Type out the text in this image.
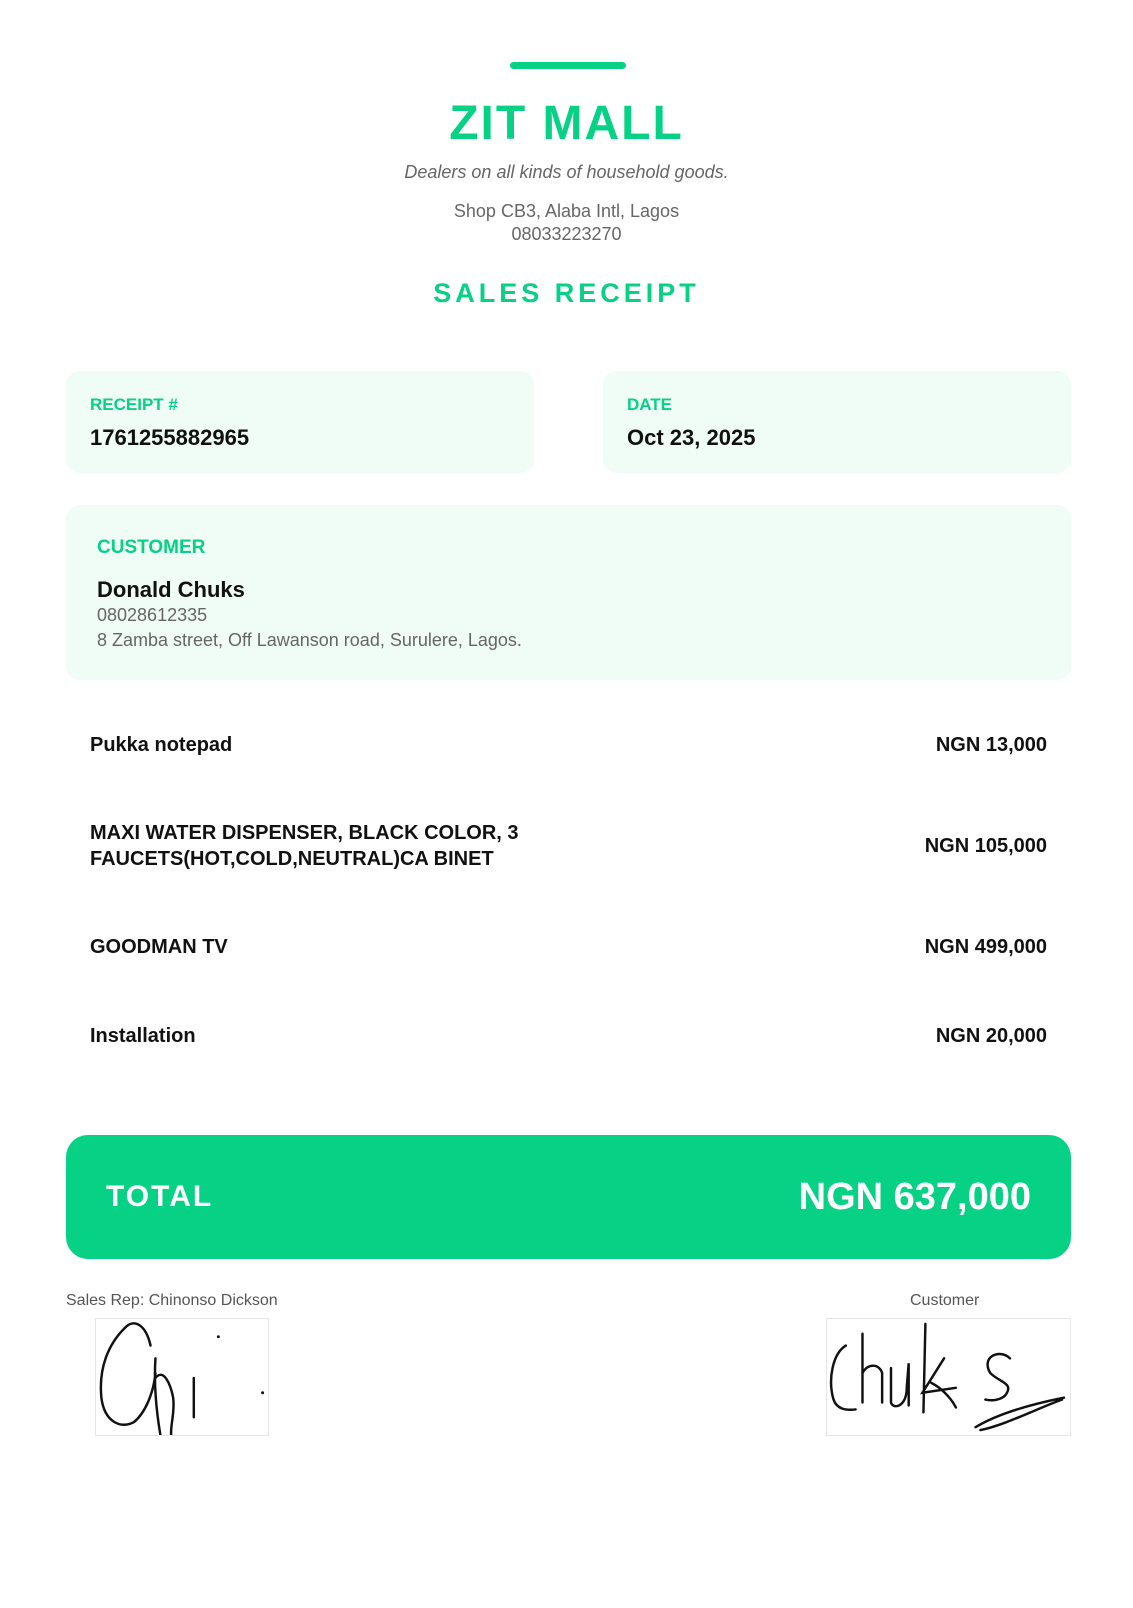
ZIT MALL
Dealers on all kinds of household goods.
Shop CB3, Alaba Intl, Lagos
08033223270
SALES RECEIPT
RECEIPT #
1761255882965
DATE
Oct 23, 2025
CUSTOMER
Donald Chuks
08028612335
8 Zamba street, Off Lawanson road, Surulere, Lagos.
Pukka notepad	NGN 13,000
MAXI WATER DISPENSER, BLACK COLOR, 3 FAUCETS(HOT,COLD,NEUTRAL)CA BINET
NGN 105,000
GOODMAN TV	NGN 499,000
Installation	NGN 20,000
TOTAL	NGN 637,000
Sales Rep: Chinonso Dickson	Customer
